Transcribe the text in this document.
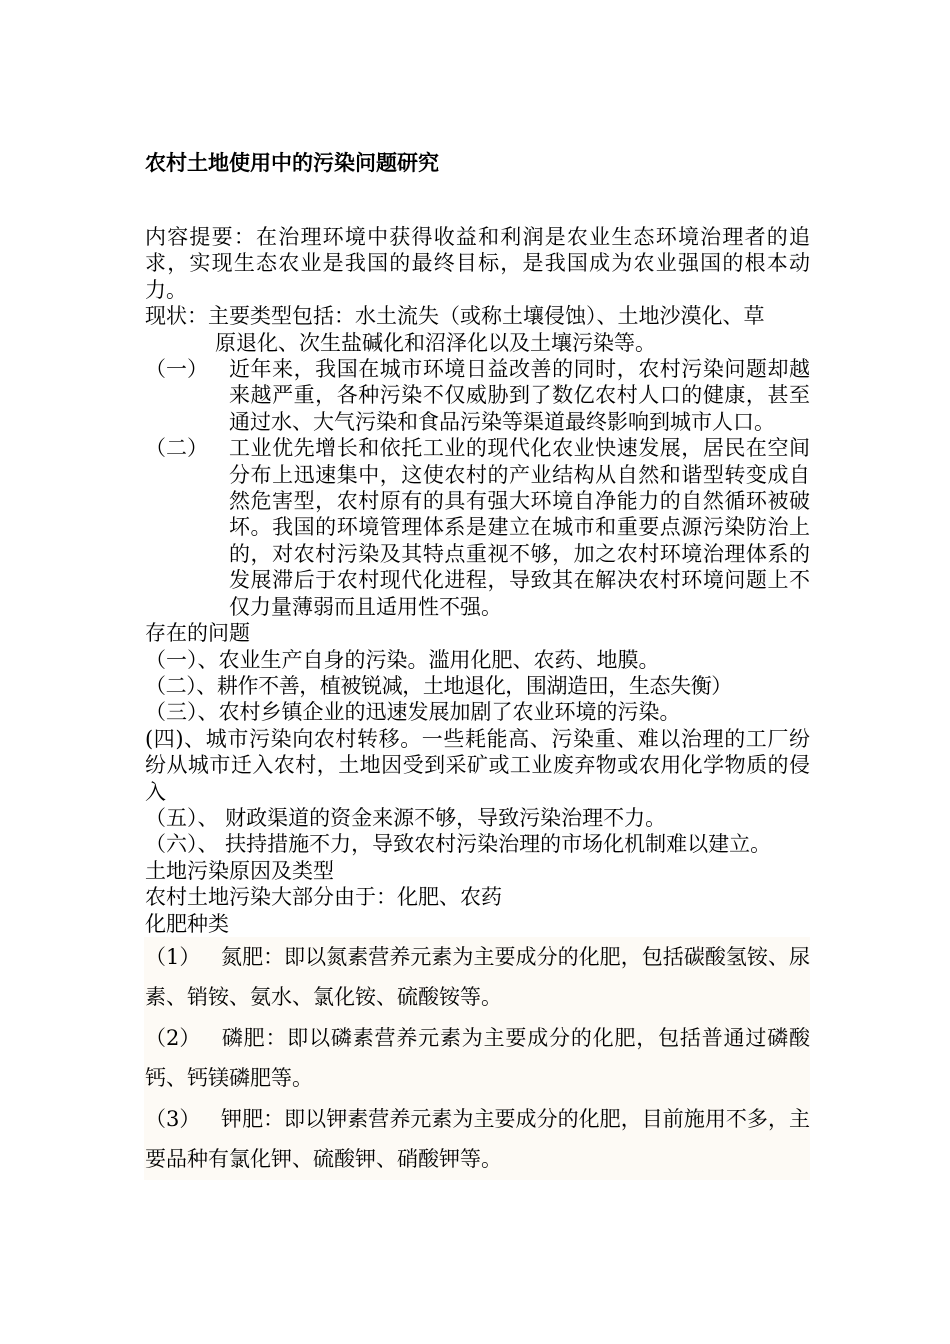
农村土地使用中的污染问题研究

内容提要：在治理环境中获得收益和利润是农业生态环境治理者的追求，实现生态农业是我国的最终目标，是我国成为农业强国的根本动力。

现状：主要类型包括：水土流失（或称土壤侵蚀）、土地沙漠化、草
原退化、次生盐碱化和沼泽化以及土壤污染等。
（一）	近年来，我国在城市环境日益改善的同时，农村污染问题却越来越严重，各种污染不仅威胁到了数亿农村人口的健康，甚至通过水、大气污染和食品污染等渠道最终影响到城市人口。
（二）	工业优先增长和依托工业的现代化农业快速发展，居民在空间分布上迅速集中，这使农村的产业结构从自然和谐型转变成自然危害型，农村原有的具有强大环境自净能力的自然循环被破坏。我国的环境管理体系是建立在城市和重要点源污染防治上的，对农村污染及其特点重视不够，加之农村环境治理体系的发展滞后于农村现代化进程，导致其在解决农村环境问题上不仅力量薄弱而且适用性不强。

存在的问题

（一）、农业生产自身的污染。滥用化肥、农药、地膜。

（二）、耕作不善，植被锐减，土地退化，围湖造田，生态失衡）

（三）、农村乡镇企业的迅速发展加剧了农业环境的污染。

(四)、城市污染向农村转移。一些耗能高、污染重、难以治理的工厂纷纷从城市迁入农村，土地因受到采矿或工业废弃物或农用化学物质的侵入

（五）、 财政渠道的资金来源不够，导致污染治理不力。

（六）、 扶持措施不力，导致农村污染治理的市场化机制难以建立。

土地污染原因及类型

农村土地污染大部分由于：化肥、农药

化肥种类

（1） 氮肥：即以氮素营养元素为主要成分的化肥，包括碳酸氢铵、尿素、销铵、氨水、氯化铵、硫酸铵等。

（2） 磷肥：即以磷素营养元素为主要成分的化肥，包括普通过磷酸钙、钙镁磷肥等。

（3） 钾肥：即以钾素营养元素为主要成分的化肥，目前施用不多，主要品种有氯化钾、硫酸钾、硝酸钾等。
